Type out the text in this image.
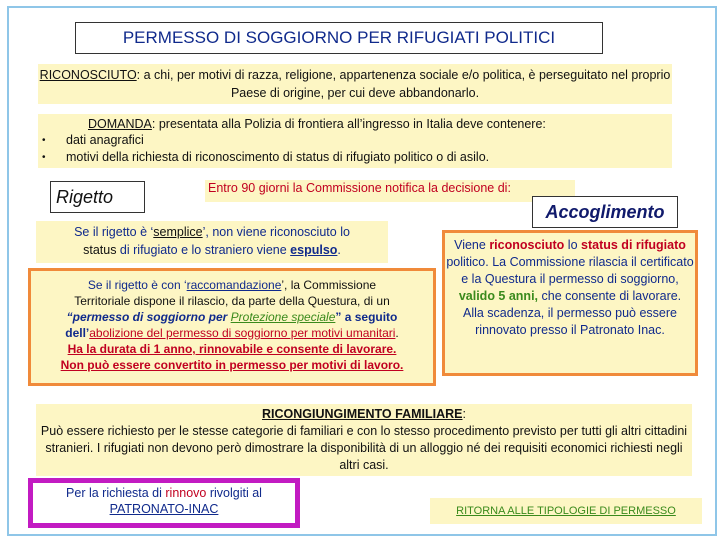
PERMESSO DI SOGGIORNO PER RIFUGIATI POLITICI
RICONOSCIUTO: a chi, per motivi di razza, religione, appartenenza sociale e/o politica, è perseguitato nel proprio Paese di origine, per cui deve abbandonarlo.
DOMANDA: presentata alla Polizia di frontiera all’ingresso in Italia deve contenere:
• dati anagrafici
• motivi della richiesta di riconoscimento di status di rifugiato politico o di asilo.
Rigetto	Entro 90 giorni la Commissione notifica la decisione di:
Accoglimento
Se il rigetto è ‘semplice’, non viene riconosciuto lo
status di rifugiato e lo straniero viene espulso.
Se il rigetto è con ‘raccomandazione’, la Commissione
Territoriale dispone il rilascio, da parte della Questura, di un
“permesso di soggiorno per Protezione speciale” a seguito
dell’abolizione del permesso di soggiorno per motivi umanitari.
Ha la durata di 1 anno, rinnovabile e consente di lavorare.
Non può essere convertito in permesso per motivi di lavoro.
Viene riconosciuto lo status di rifugiato politico. La Commissione rilascia il certificato e la Questura il permesso di soggiorno, valido 5 anni, che consente di lavorare.
Alla scadenza, il permesso può essere rinnovato presso il Patronato Inac.
RICONGIUNGIMENTO FAMILIARE:
Può essere richiesto per le stesse categorie di familiari e con lo stesso procedimento previsto per tutti gli altri cittadini stranieri. I rifugiati non devono però dimostrare la disponibilità di un alloggio né dei requisiti economici richiesti negli altri casi.
Per la richiesta di rinnovo rivolgiti al
PATRONATO-INAC	RITORNA ALLE TIPOLOGIE DI PERMESSO
